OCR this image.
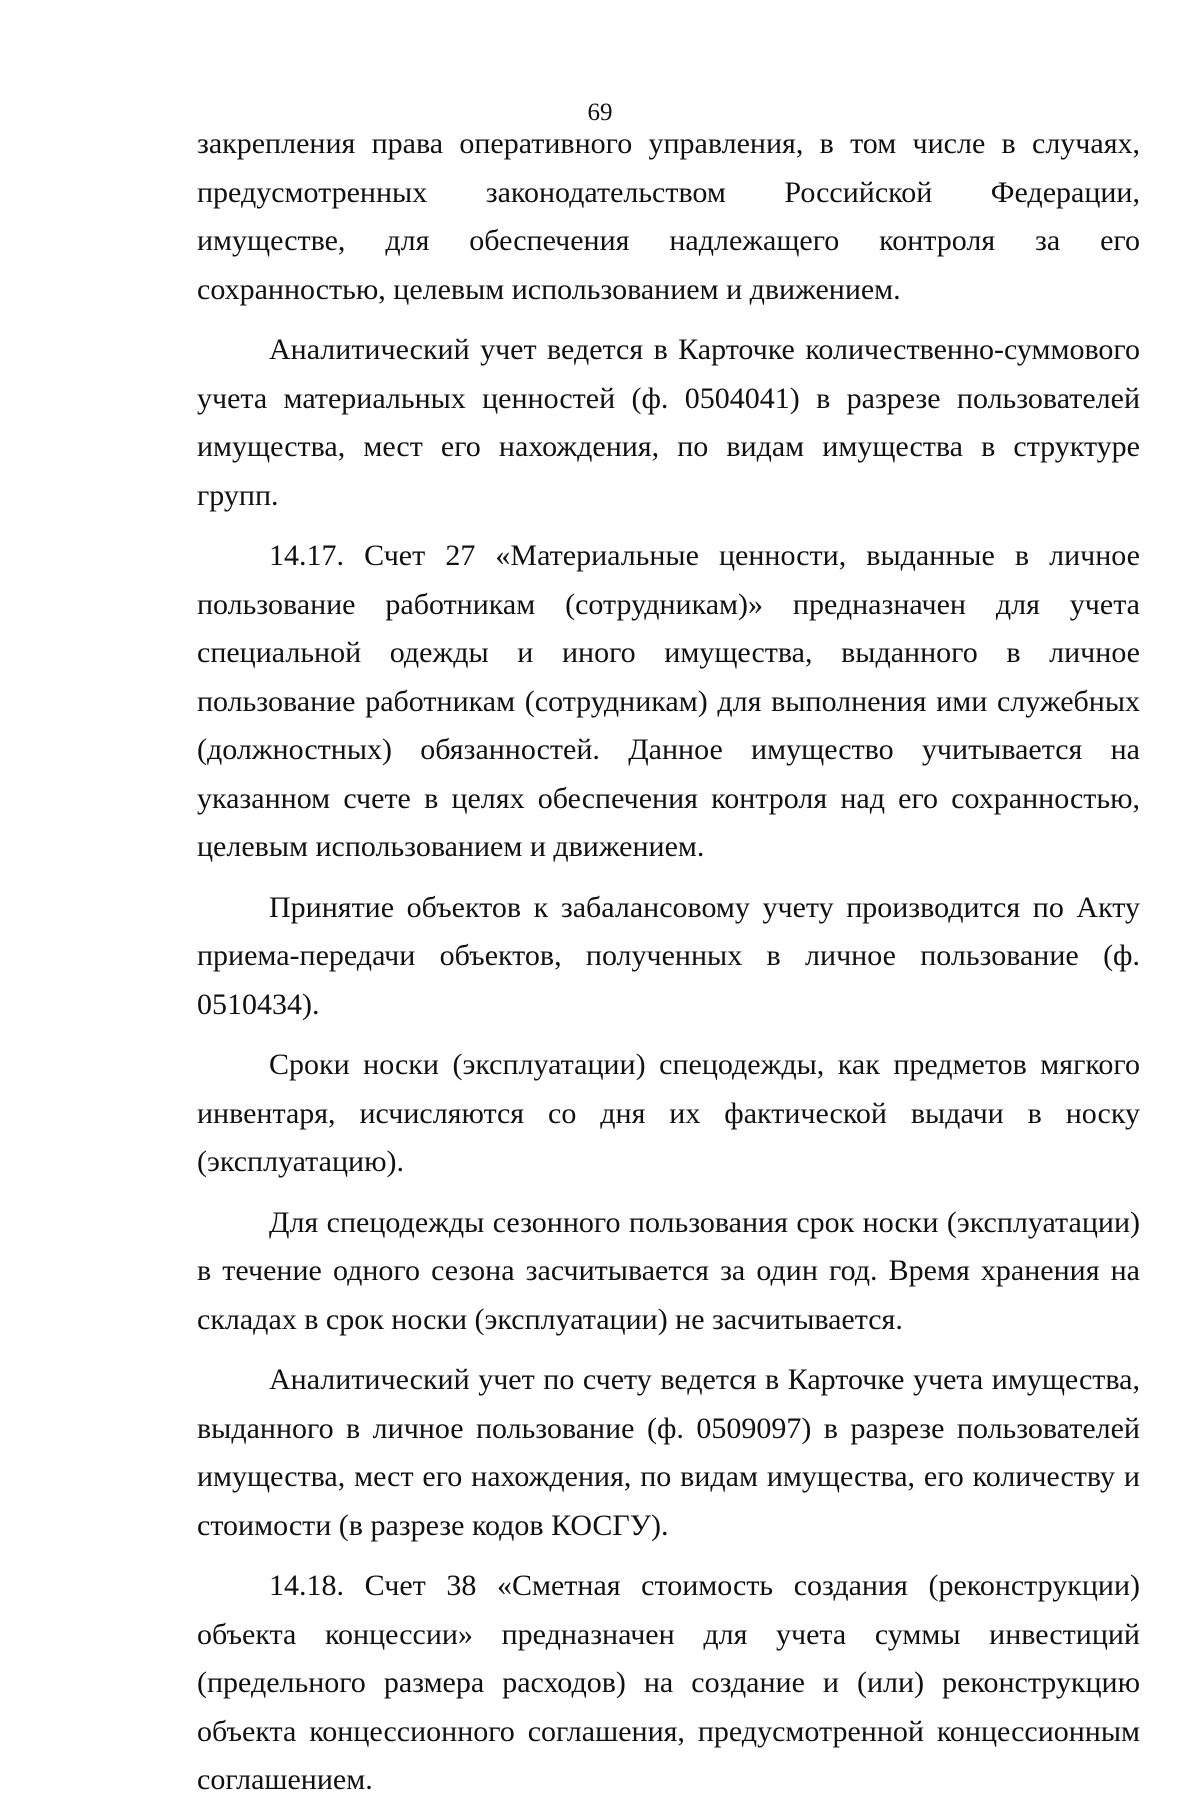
69

закрепления права оперативного управления, в том числе в случаях, предусмотренных законодательством Российской Федерации, имуществе, для обеспечения надлежащего контроля за его сохранностью, целевым использованием и движением.

Аналитический учет ведется в Карточке количественно-суммового учета материальных ценностей (ф. 0504041) в разрезе пользователей имущества, мест его нахождения, по видам имущества в структуре групп.

14.17. Счет 27 «Материальные ценности, выданные в личное пользование работникам (сотрудникам)» предназначен для учета специальной одежды и иного имущества, выданного в личное пользование работникам (сотрудникам) для выполнения ими служебных (должностных) обязанностей. Данное имущество учитывается на указанном счете в целях обеспечения контроля над его сохранностью, целевым использованием и движением.

Принятие объектов к забалансовому учету производится по Акту приема-передачи объектов, полученных в личное пользование (ф. 0510434).

Сроки носки (эксплуатации) спецодежды, как предметов мягкого инвентаря, исчисляются со дня их фактической выдачи в носку (эксплуатацию).

Для спецодежды сезонного пользования срок носки (эксплуатации) в течение одного сезона засчитывается за один год. Время хранения на складах в срок носки (эксплуатации) не засчитывается.

Аналитический учет по счету ведется в Карточке учета имущества, выданного в личное пользование (ф. 0509097) в разрезе пользователей имущества, мест его нахождения, по видам имущества, его количеству и стоимости (в разрезе кодов КОСГУ).

14.18. Счет 38 «Сметная стоимость создания (реконструкции) объекта концессии» предназначен для учета суммы инвестиций (предельного размера расходов) на создание и (или) реконструкцию объекта концессионного соглашения, предусмотренной концессионным соглашением.
